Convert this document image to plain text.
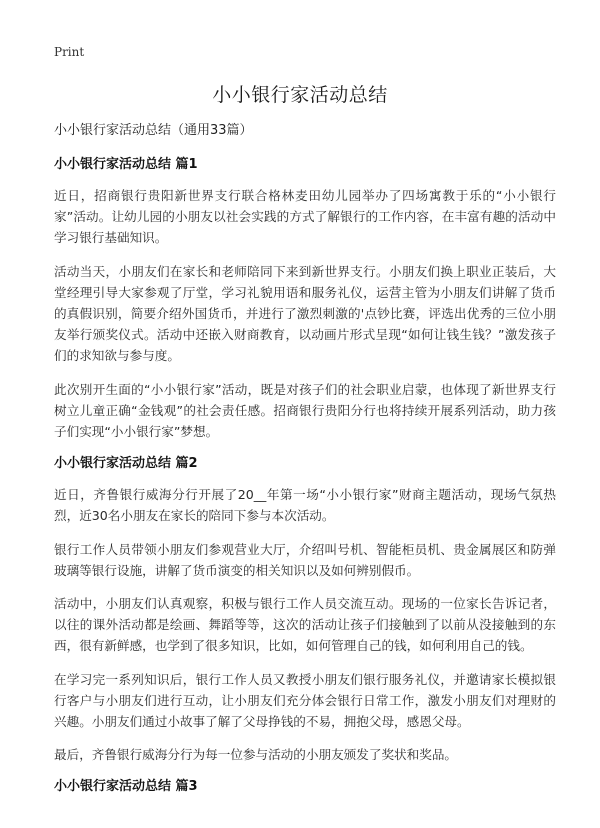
Print
小小银行家活动总结

小小银行家活动总结（通用33篇）

小小银行家活动总结 篇1

近日，招商银行贵阳新世界支行联合格林麦田幼儿园举办了四场寓教于乐的“小小银行家”活动。让幼儿园的小朋友以社会实践的方式了解银行的工作内容，在丰富有趣的活动中学习银行基础知识。

活动当天，小朋友们在家长和老师陪同下来到新世界支行。小朋友们换上职业正装后，大堂经理引导大家参观了厅堂，学习礼貌用语和服务礼仪，运营主管为小朋友们讲解了货币的真假识别，简要介绍外国货币，并进行了激烈刺激的'点钞比赛，评选出优秀的三位小朋友举行颁奖仪式。活动中还嵌入财商教育，以动画片形式呈现“如何让钱生钱？”激发孩子们的求知欲与参与度。

此次别开生面的“小小银行家”活动，既是对孩子们的社会职业启蒙，也体现了新世界支行树立儿童正确“金钱观”的社会责任感。招商银行贵阳分行也将持续开展系列活动，助力孩子们实现“小小银行家”梦想。

小小银行家活动总结 篇2

近日，齐鲁银行威海分行开展了20__年第一场“小小银行家”财商主题活动，现场气氛热烈，近30名小朋友在家长的陪同下参与本次活动。

银行工作人员带领小朋友们参观营业大厅，介绍叫号机、智能柜员机、贵金属展区和防弹玻璃等银行设施，讲解了货币演变的相关知识以及如何辨别假币。

活动中，小朋友们认真观察，积极与银行工作人员交流互动。现场的一位家长告诉记者，以往的课外活动都是绘画、舞蹈等等，这次的活动让孩子们接触到了以前从没接触到的东西，很有新鲜感，也学到了很多知识，比如，如何管理自己的钱，如何利用自己的钱。

在学习完一系列知识后，银行工作人员又教授小朋友们银行服务礼仪，并邀请家长模拟银行客户与小朋友们进行互动，让小朋友们充分体会银行日常工作，激发小朋友们对理财的兴趣。小朋友们通过小故事了解了父母挣钱的不易，拥抱父母，感恩父母。

最后，齐鲁银行威海分行为每一位参与活动的小朋友颁发了奖状和奖品。

小小银行家活动总结 篇3
